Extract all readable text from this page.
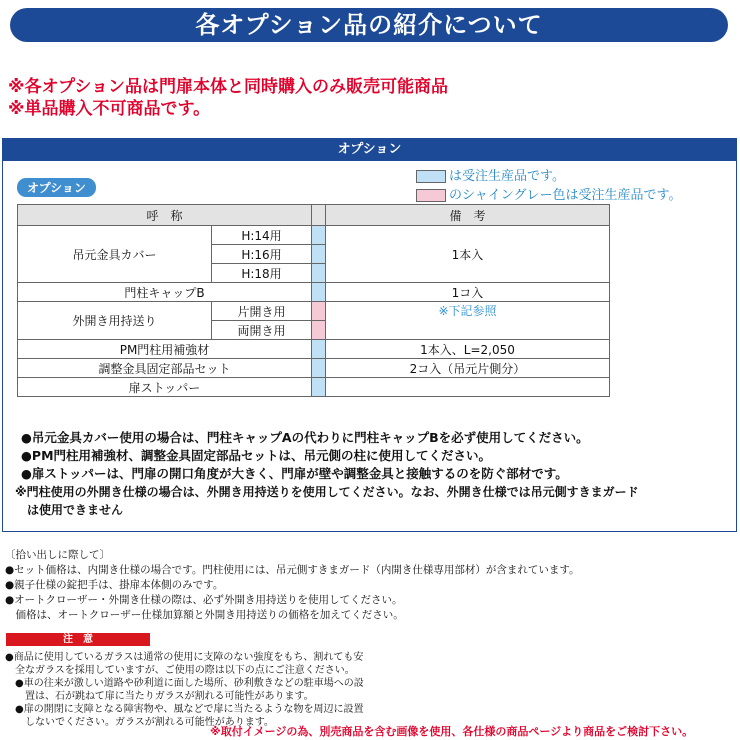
各オプション品の紹介について
※各オプション品は門扉本体と同時購入のみ販売可能商品
※単品購入不可商品です。
オプション
オプション
は受注生産品です。
のシャイングレー色は受注生産品です。
呼　称			備　考
吊元金具カバー	H:14用		1本入
	H:16用		
	H:18用		
門柱キャップB			1コ入
外開き用持送り	片開き用		※下記参照
	両開き用		
PM門柱用補強材			1本入、L=2,050
調整金具固定部品セット			2コ入（吊元片側分）
扉ストッパー			
●吊元金具カバー使用の場合は、門柱キャップAの代わりに門柱キャップBを必ず使用してください。
●PM門柱用補強材、調整金具固定部品セットは、吊元側の柱に使用してください。
●扉ストッパーは、門扉の開口角度が大きく、門扉が壁や調整金具と接触するのを防ぐ部材です。
※門柱使用の外開き仕様の場合は、外開き用持送りを使用してください。なお、外開き仕様では吊元側すきまガード
　は使用できません
〔拾い出しに際して〕
●セット価格は、内開き仕様の場合です。門柱使用には、吊元側すきまガード（内開き仕様専用部材）が含まれています。
●親子仕様の錠把手は、掛扉本体側のみです。
●オートクローザー・外開き仕様の際は、必ず外開き用持送りを使用してください。
　価格は、オートクローザー仕様加算額と外開き用持送りの価格を加えてください。
注　意
●商品に使用しているガラスは通常の使用に支障のない強度をもち、割れても安
　全なガラスを採用していますが、ご使用の際は以下の点にご注意ください。
　●車の往来が激しい道路や砂利道に面した場所、砂利敷きなどの駐車場への設
　　置は、石が跳ねて扉に当たりガラスが割れる可能性があります。
　●扉の開閉に支障となる障害物や、風などで扉に当たるような物を周辺に設置
　　しないでください。ガラスが割れる可能性があります。
※取付イメージの為、別売商品を含む画像を使用、各仕様の商品ページより商品をご検討下さい。
